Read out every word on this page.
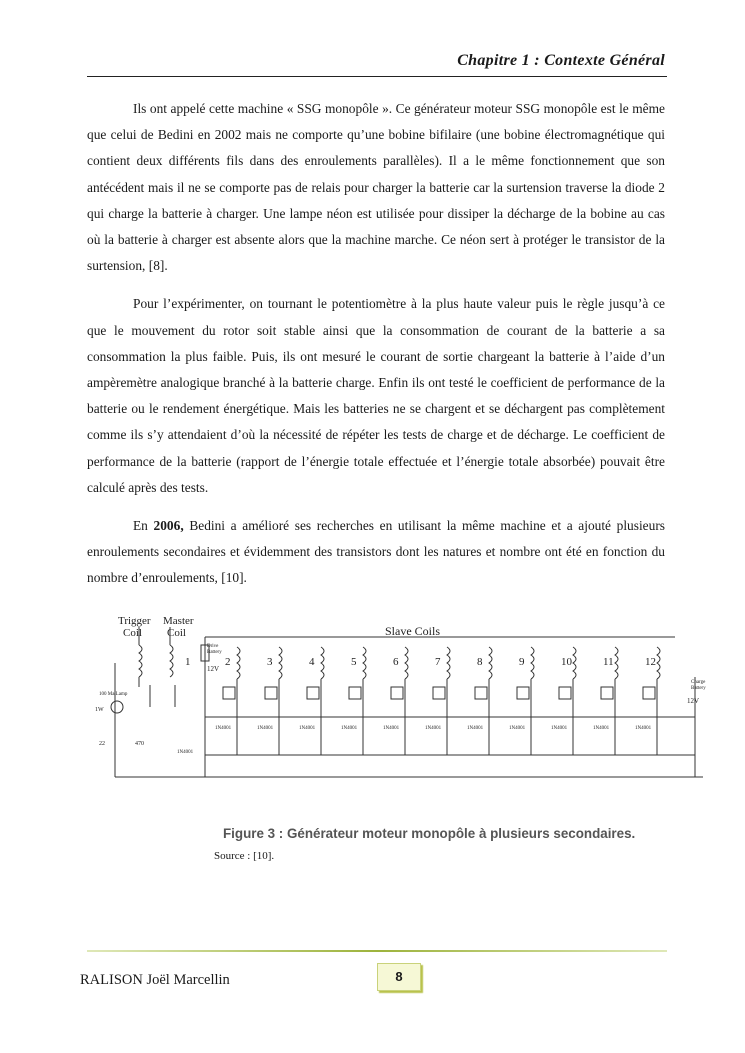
Chapitre 1 : Contexte Général

Ils ont appelé cette machine « SSG monopôle ». Ce générateur moteur SSG monopôle est le même que celui de Bedini en 2002 mais ne comporte qu’une bobine bifilaire (une bobine électromagnétique qui contient deux différents fils dans des enroulements parallèles). Il a le même fonctionnement que son antécédent mais il ne se comporte pas de relais pour charger la batterie car la surtension traverse la diode 2 qui charge la batterie à charger. Une lampe néon est utilisée pour dissiper la décharge de la bobine au cas où la batterie à charger est absente alors que la machine marche. Ce néon sert à protéger le transistor de la surtension, [8].

Pour l’expérimenter, on tournant le potentiomètre à la plus haute valeur puis le règle jusqu’à ce que le mouvement du rotor soit stable ainsi que la consommation de courant de la batterie a sa consommation la plus faible. Puis, ils ont mesuré le courant de sortie chargeant la batterie à l’aide d’un ampèremètre analogique branché à la batterie charge. Enfin ils ont testé le coefficient de performance de la batterie ou le rendement énergétique. Mais les batteries ne se chargent et se déchargent pas complètement comme ils s’y attendaient d’où la nécessité de répéter les tests de charge et de décharge. Le coefficient de performance de la batterie (rapport de l’énergie totale effectuée et l’énergie totale absorbée) pouvait être calculé après des tests.

En 2006, Bedini a amélioré ses recherches en utilisant la même machine et a ajouté plusieurs enroulements secondaires et évidemment des transistors dont les natures et nombre ont été en fonction du nombre d’enroulements, [10].

1	2
1N4001
3
1N4001
4
1N4001
5
1N4001
6
1N4001
7
1N4001
8
1N4001
9
1N4001
10
1N4001
11
1N4001
12
1N4001
Trigger
Coil
Master
Coil	Slave Coils
Drive
Battery
12V
Charge
Battery
12V
100 Ma Lamp
1W
22	470
1N4001
Figure 3 : Générateur moteur monopôle à plusieurs secondaires.
Source : [10].
RALISON Joël Marcellin	8
